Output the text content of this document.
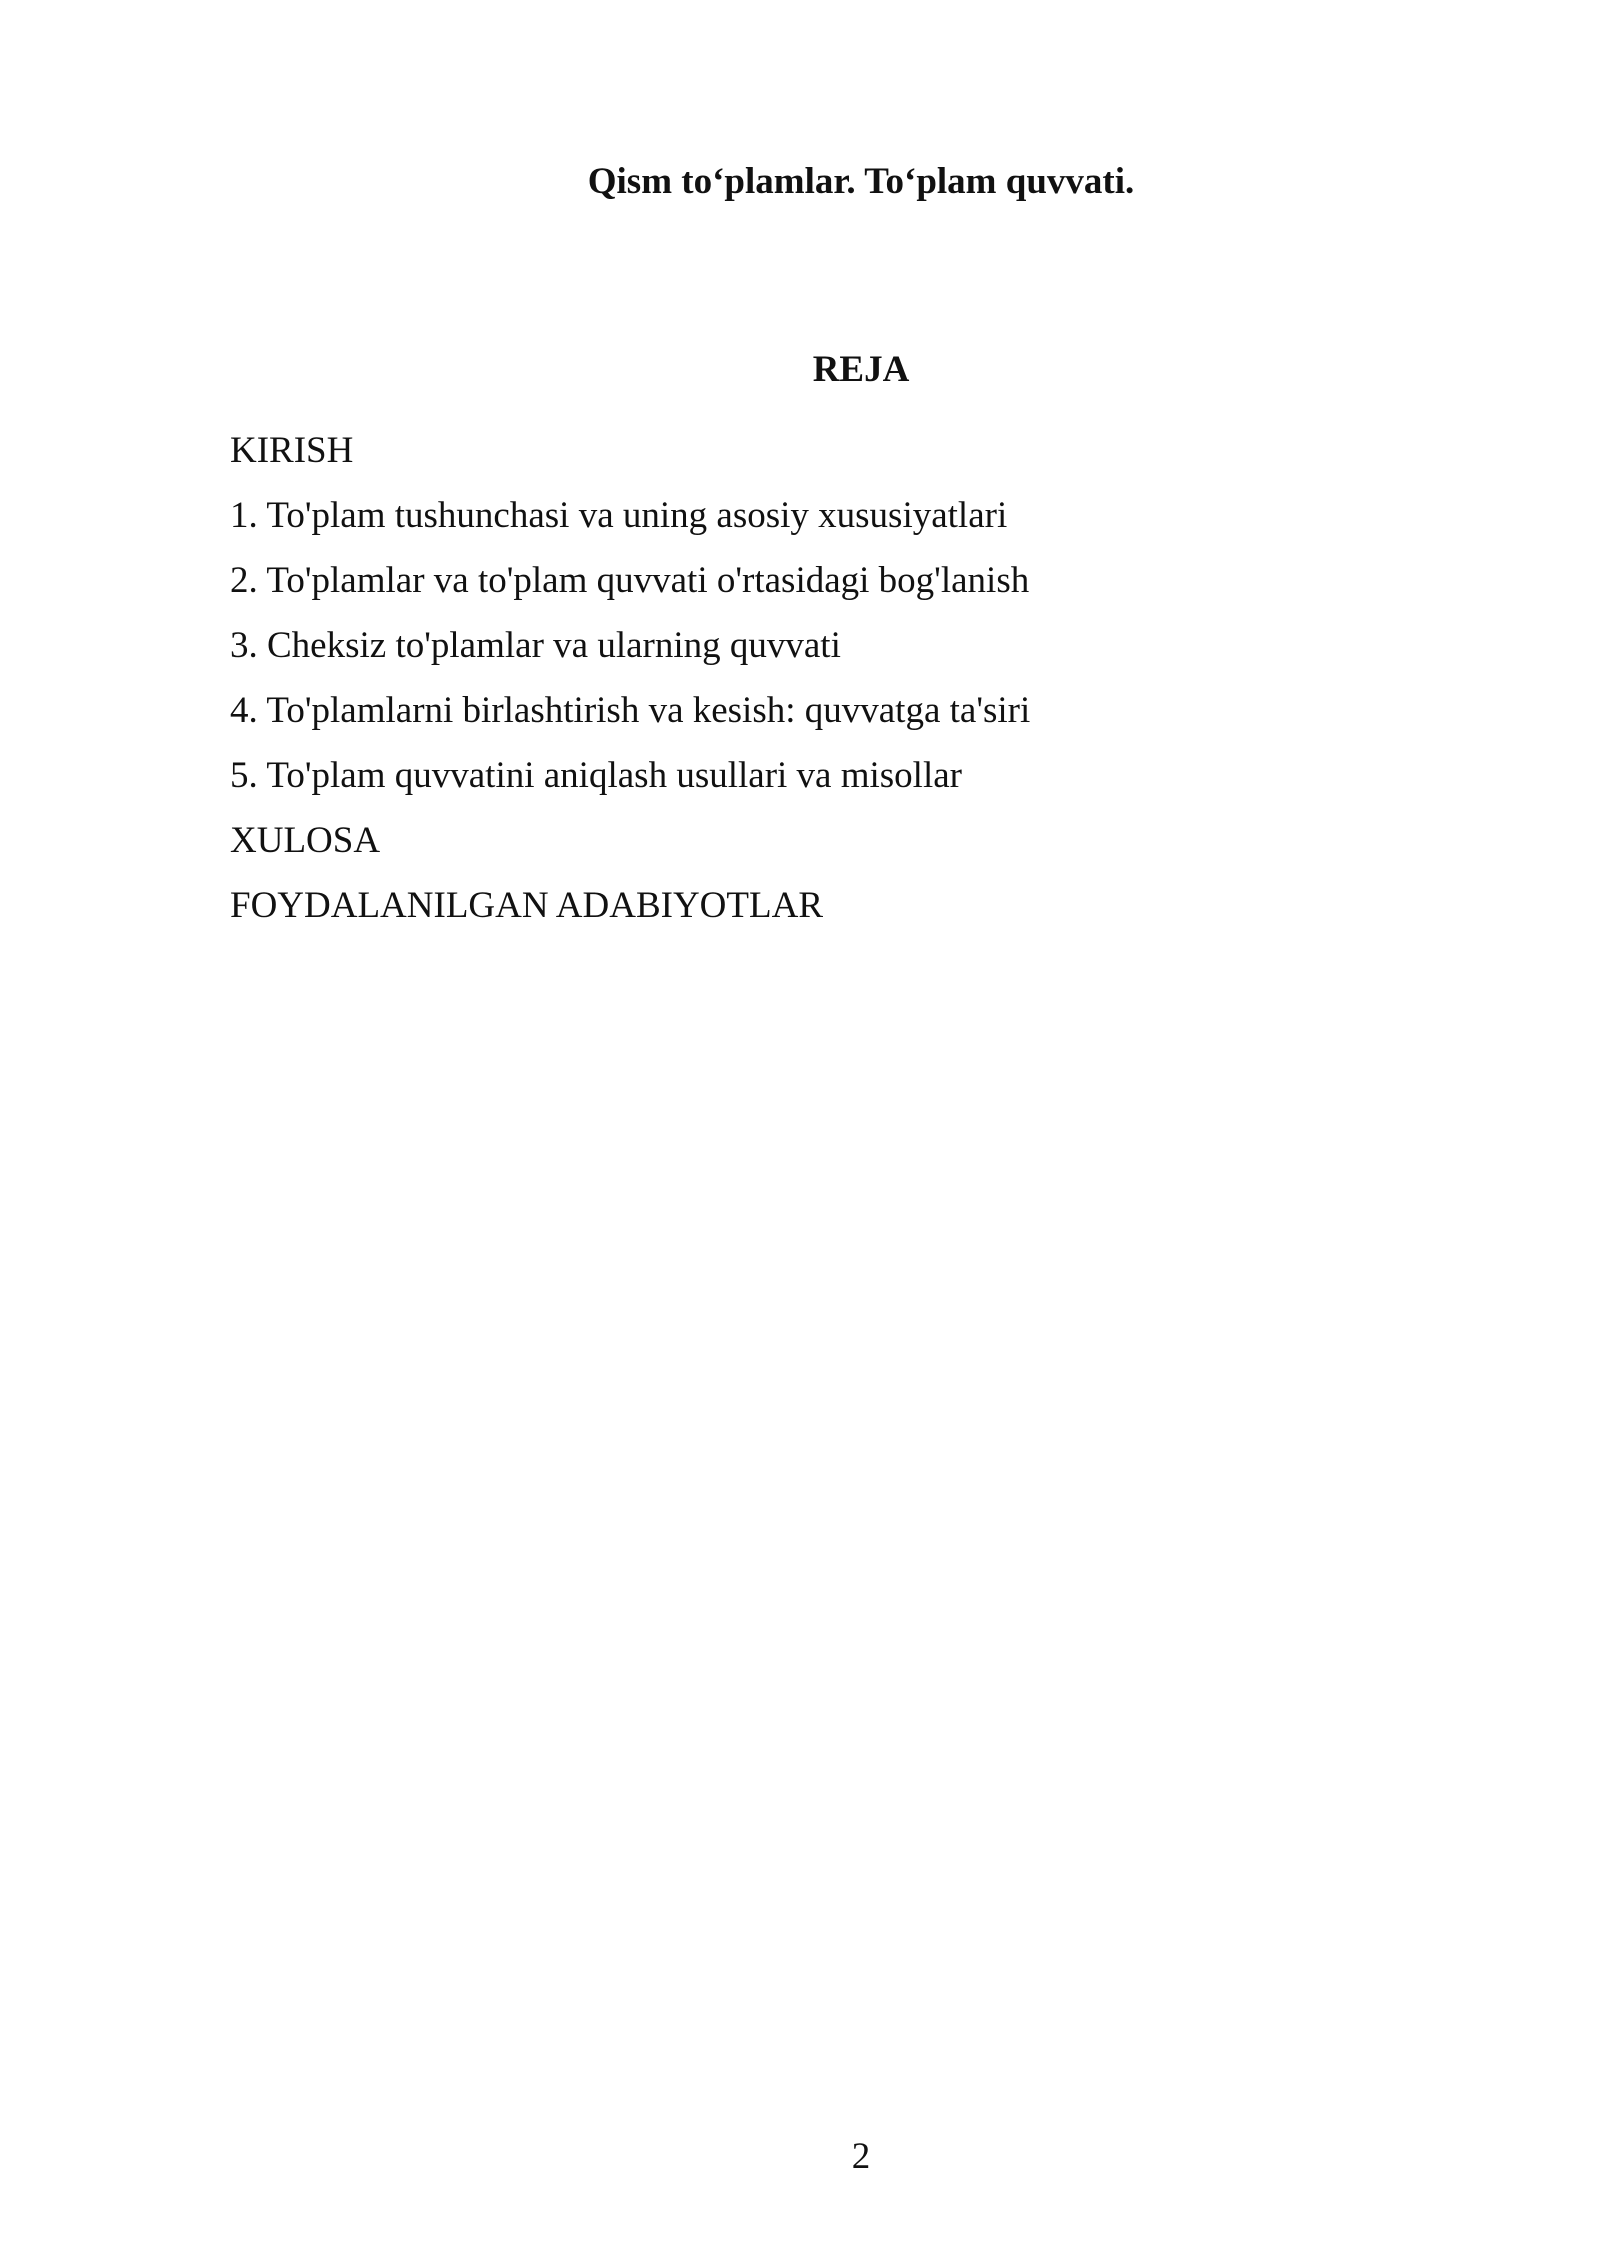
Qism to‘plamlar. To‘plam quvvati.
REJA
KIRISH
1. To'plam tushunchasi va uning asosiy xususiyatlari
2. To'plamlar va to'plam quvvati o'rtasidagi bog'lanish
3. Cheksiz to'plamlar va ularning quvvati
4. To'plamlarni birlashtirish va kesish: quvvatga ta'siri
5. To'plam quvvatini aniqlash usullari va misollar
XULOSA
FOYDALANILGAN ADABIYOTLAR
2
